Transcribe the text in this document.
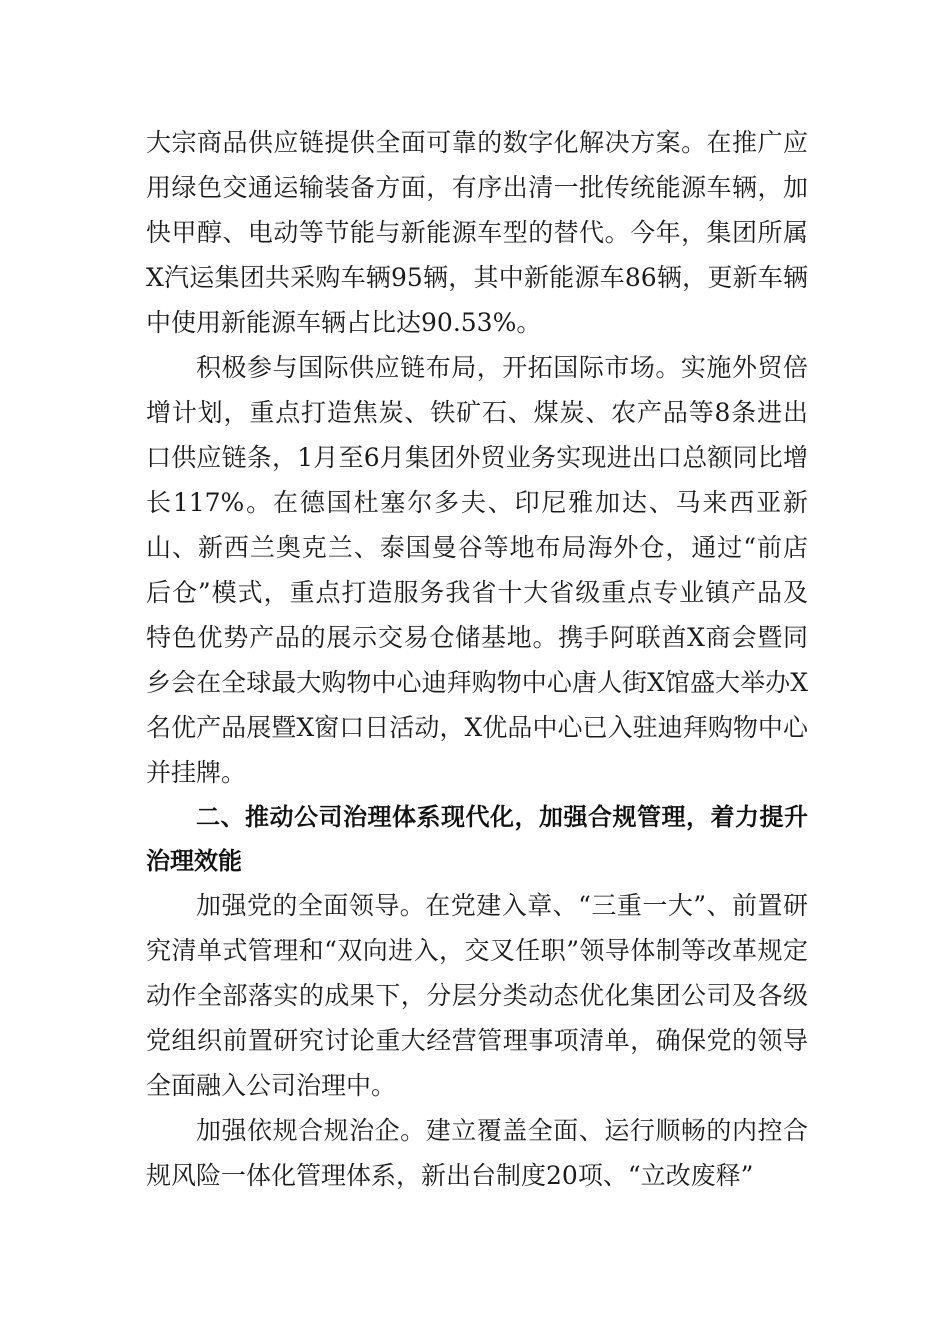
大宗商品供应链提供全面可靠的数字化解决方案。在推广应用绿色交通运输装备方面，有序出清一批传统能源车辆，加快甲醇、电动等节能与新能源车型的替代。今年，集团所属X汽运集团共采购车辆95辆，其中新能源车86辆，更新车辆中使用新能源车辆占比达90.53%。

积极参与国际供应链布局，开拓国际市场。实施外贸倍增计划，重点打造焦炭、铁矿石、煤炭、农产品等8条进出口供应链条，1月至6月集团外贸业务实现进出口总额同比增长117%。在德国杜塞尔多夫、印尼雅加达、马来西亚新山、新西兰奥克兰、泰国曼谷等地布局海外仓，通过“前店后仓”模式，重点打造服务我省十大省级重点专业镇产品及特色优势产品的展示交易仓储基地。携手阿联酋X商会暨同乡会在全球最大购物中心迪拜购物中心唐人街X馆盛大举办X名优产品展暨X窗口日活动，X优品中心已入驻迪拜购物中心并挂牌。

二、推动公司治理体系现代化，加强合规管理，着力提升治理效能

加强党的全面领导。在党建入章、“三重一大”、前置研究清单式管理和“双向进入，交叉任职”领导体制等改革规定动作全部落实的成果下，分层分类动态优化集团公司及各级党组织前置研究讨论重大经营管理事项清单，确保党的领导全面融入公司治理中。

加强依规合规治企。建立覆盖全面、运行顺畅的内控合规风险一体化管理体系，新出台制度20项、“立改废释”
